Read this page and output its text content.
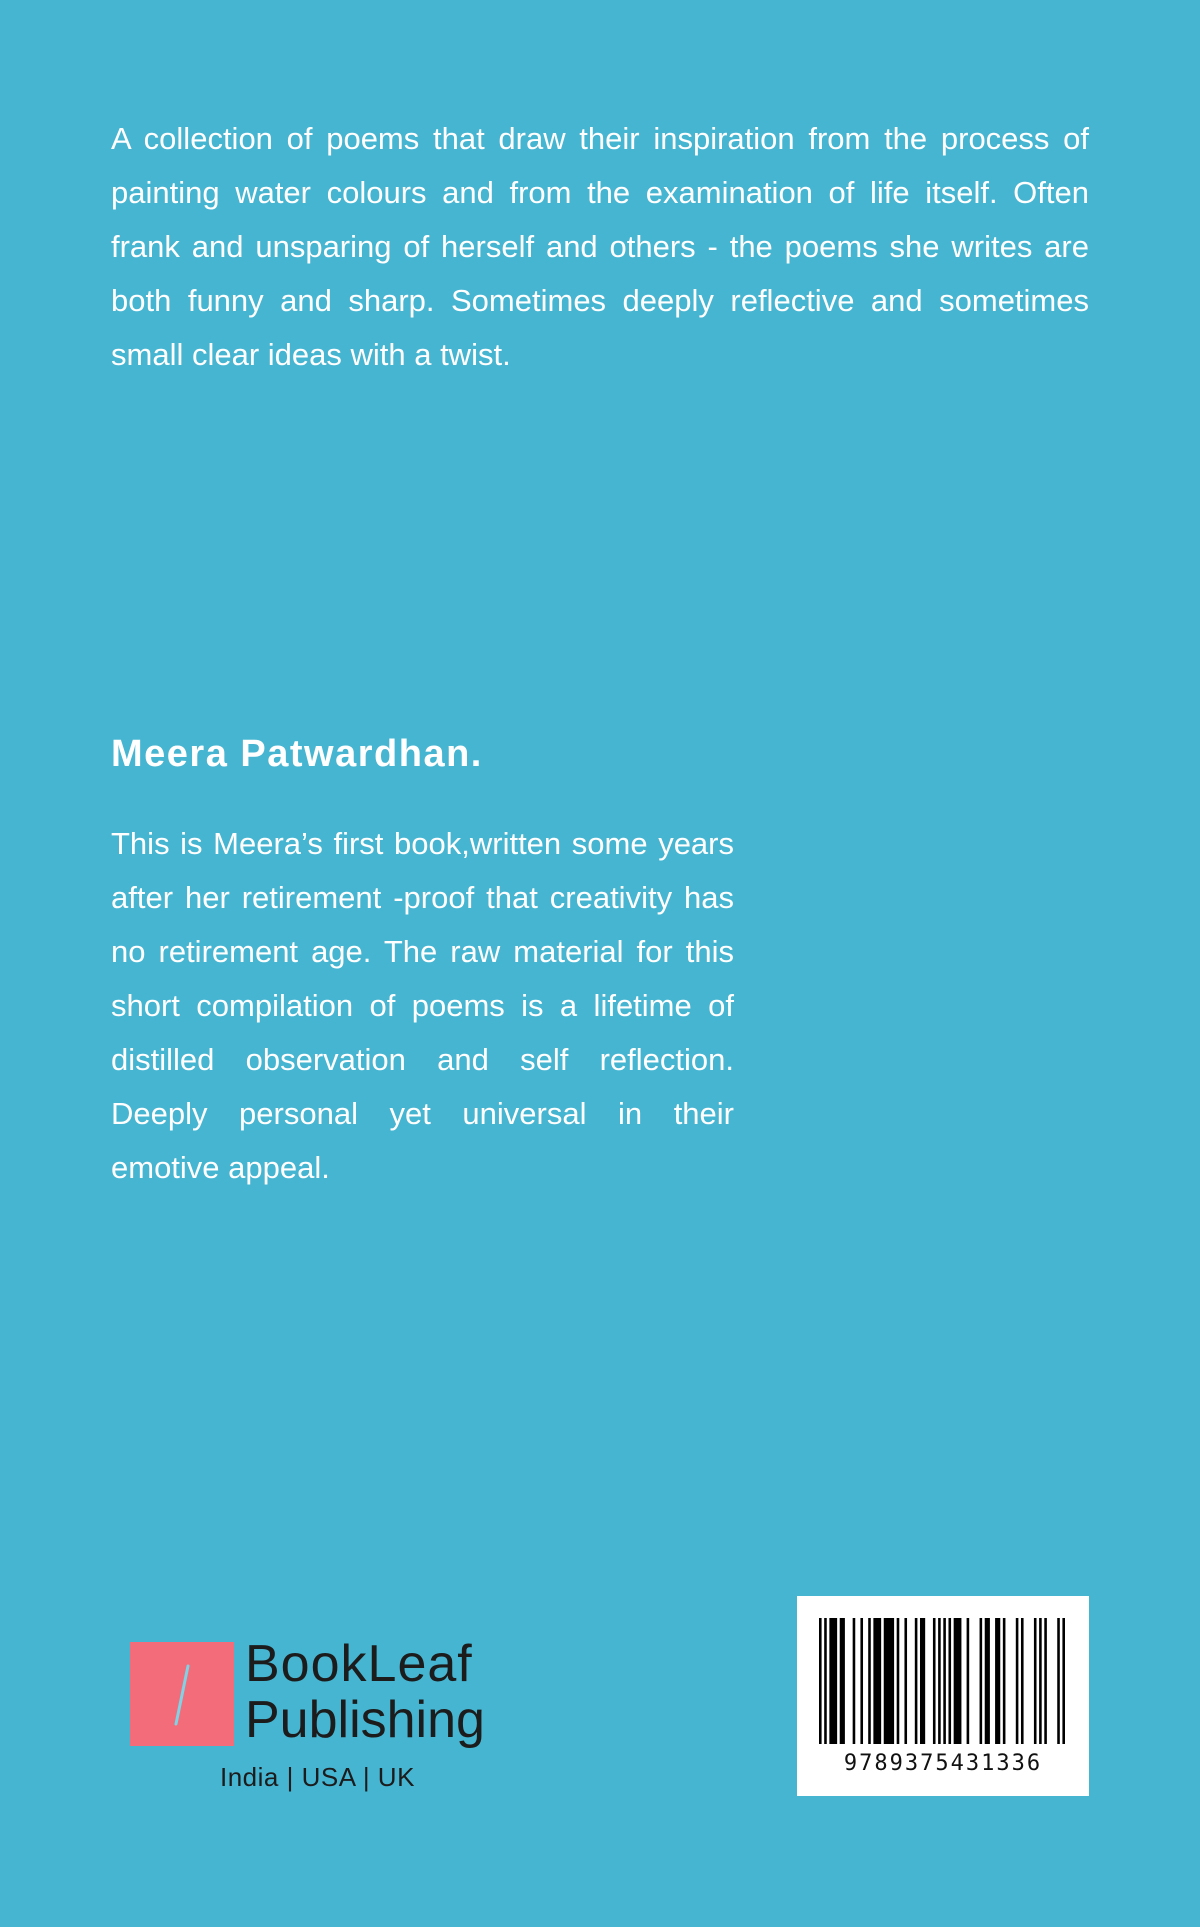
A collection of poems that draw their inspiration from the process of painting water colours and from the examination of life itself. Often frank and unsparing of herself and others - the poems she writes are both funny and sharp. Sometimes deeply reflective and sometimes small clear ideas with a twist.

Meera Patwardhan.

This is Meera’s first book,written some years after her retirement -proof that creativity has no retirement age. The raw material for this short compilation of poems is a lifetime of distilled observation and self reflection. Deeply personal yet universal in their emotive appeal.

BookLeaf
Publishing
India | USA | UK	9789375431336
